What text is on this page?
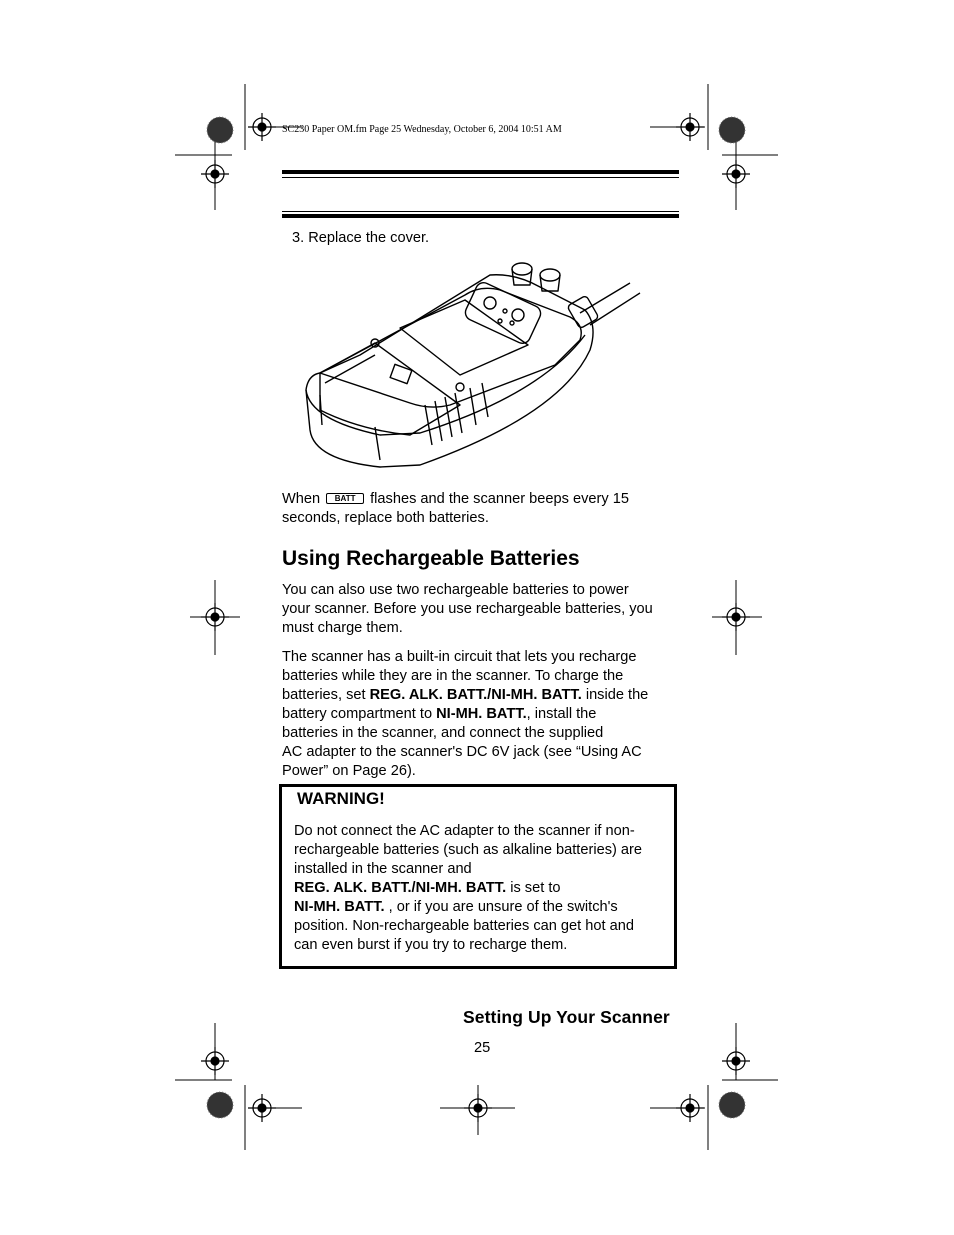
SC230 Paper OM.fm Page 25 Wednesday, October 6, 2004 10:51 AM
3. Replace the cover.
When BATT flashes and the scanner beeps every 15
seconds, replace both batteries.
Using Rechargeable Batteries
You can also use two rechargeable batteries to power
your scanner. Before you use rechargeable batteries, you
must charge them.
The scanner has a built-in circuit that lets you recharge
batteries while they are in the scanner. To charge the
batteries, set REG. ALK. BATT./NI-MH. BATT. inside the
battery compartment to NI-MH. BATT., install the
batteries in the scanner, and connect the supplied
AC adapter to the scanner's DC 6V jack (see “Using AC
Power” on Page 26).
WARNING!
Do not connect the AC adapter to the scanner if non-
rechargeable batteries (such as alkaline batteries) are
installed in the scanner and
REG. ALK. BATT./NI-MH. BATT. is set to
NI-MH. BATT. , or if you are unsure of the switch's
position. Non-rechargeable batteries can get hot and
can even burst if you try to recharge them.
Setting Up Your Scanner
25
